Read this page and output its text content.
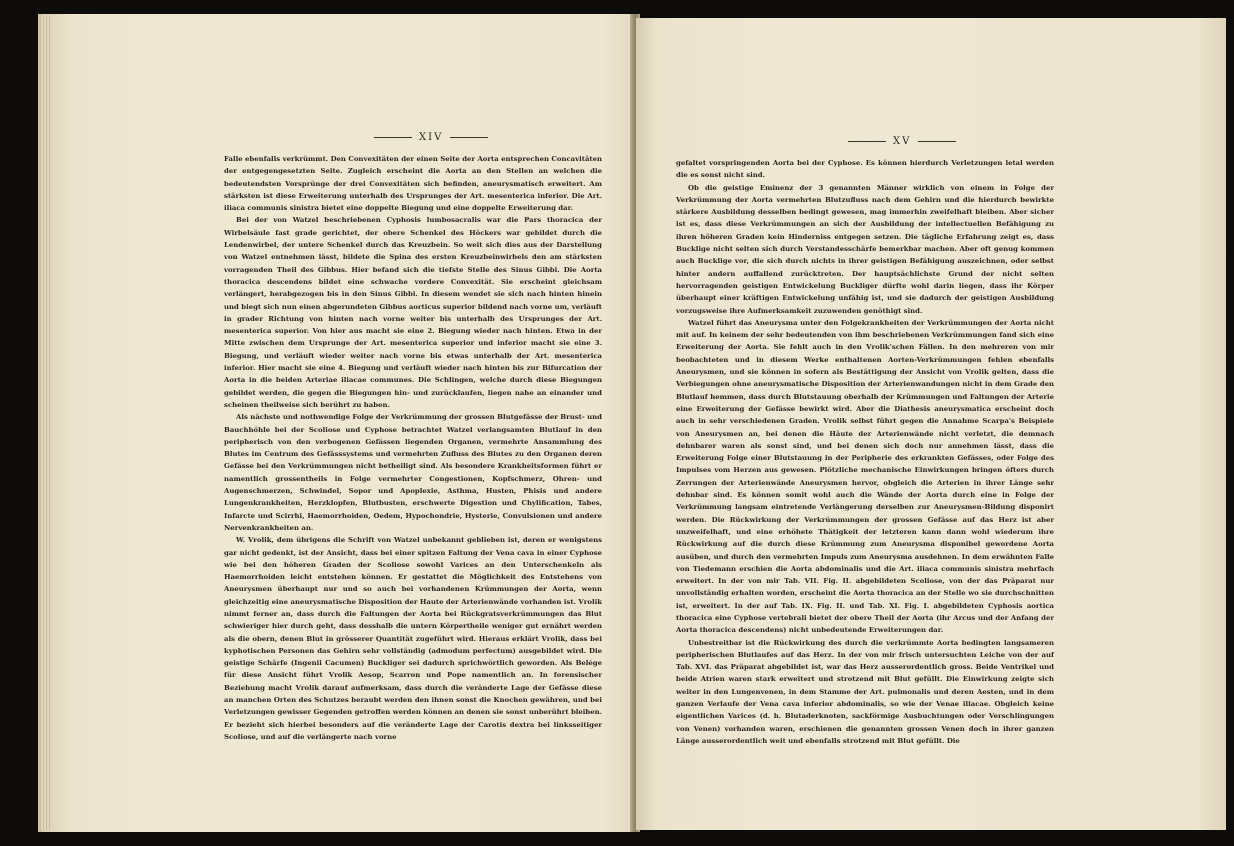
XIV

Falle ebenfalls verkrümmt. Den Convexitäten der einen Seite der Aorta entsprechen Concavitäten der entgegengesetzten Seite. Zugleich erscheint die Aorta an den Stellen an welchen die bedeutendsten Vorsprünge der drei Convexitäten sich befinden, aneurysmatisch erweitert. Am stärksten ist diese Erweiterung unterhalb des Ursprunges der Art. mesenterica inferior. Die Art. iliaca communis sinistra bietet eine doppelte Biegung und eine doppelte Erweiterung dar.

Bei der von Watzel beschriebenen Cyphosis lumbosacralis war die Pars thoracica der Wirbelsäule fast grade gerichtet, der obere Schenkel des Höckers war gebildet durch die Lendenwirbel, der untere Schenkel durch das Kreuzbein. So weit sich dies aus der Darstellung von Watzel entnehmen lässt, bildete die Spina des ersten Kreuzbeinwirbels den am stärksten vorragenden Theil des Gibbus. Hier befand sich die tiefste Stelle des Sinus Gibbi. Die Aorta thoracica descendens bildet eine schwache vordere Convexität. Sie erscheint gleichsam verlängert, herabgezogen bis in den Sinus Gibbi. In diesem wendet sie sich nach hinten hinein und biegt sich nun einen abgerundeten Gibbus aorticus superior bildend nach vorne um, verläuft in grader Richtung von hinten nach vorne weiter bis unterhalb des Ursprunges der Art. mesenterica superior. Von hier aus macht sie eine 2. Biegung wieder nach hinten. Etwa in der Mitte zwischen dem Ursprunge der Art. mesenterica superior und inferior macht sie eine 3. Biegung, und verläuft wieder weiter nach vorne bis etwas unterhalb der Art. mesenterica inferior. Hier macht sie eine 4. Biegung und verläuft wieder nach hinten bis zur Bifurcation der Aorta in die beiden Arteriae iliacae communes. Die Schlingen, welche durch diese Biegungen gebildet werden, die gegen die Biegungen hin- und zurücklaufen, liegen nahe an einander und scheinen theilweise sich berührt zu haben.

Als nächste und nothwendige Folge der Verkrümmung der grossen Blutgefässe der Brust- und Bauchhöhle bei der Scoliose und Cyphose betrachtet Watzel verlangsamten Blutlauf in den peripherisch von den verbogenen Gefässen liegenden Organen, vermehrte Ansammlung des Blutes im Centrum des Gefässsystems und vermehrten Zufluss des Blutes zu den Organen deren Gefässe bei den Verkrümmungen nicht betheiligt sind. Als besondere Krankheitsformen führt er namentlich grossentheils in Folge vermehrter Congestionen, Kopfschmerz, Ohren- und Augenschmerzen, Schwindel, Sopor und Apoplexie, Asthma, Husten, Phisis und andere Lungenkrankheiten, Herzklopfen, Blutbusten, erschwerte Digestion und Chylification, Tabes, Infarcte und Scirrhi, Haemorrhoiden, Oedem, Hypochondrie, Hysterie, Convulsionen und andere Nervenkrankheiten an.

W. Vrolik, dem übrigens die Schrift von Watzel unbekannt geblieben ist, deren er wenigstens gar nicht gedenkt, ist der Ansicht, dass bei einer spitzen Faltung der Vena cava in einer Cyphose wie bei den höheren Graden der Scoliose sowohl Varices an den Unterschenkeln als Haemorrhoiden leicht entstehen können. Er gestattet die Möglichkeit des Entstehens von Aneurysmen überhaupt nur und so auch bei vorhandenen Krümmungen der Aorta, wenn gleichzeitig eine aneurysmatische Disposition der Haute der Arterienwände vorhanden ist. Vrolik nimmt ferner an, dass durch die Faltungen der Aorta bei Rückgratsverkrümmungen das Blut schwieriger hier durch geht, dass desshalb die untern Körpertheile weniger gut ernährt werden als die obern, denen Blut in grösserer Quantität zugeführt wird. Hieraus erklärt Vrolik, dass bei kyphotischen Personen das Gehirn sehr vollständig (admodum perfectum) ausgebildet wird. Die geistige Schärfe (Ingenii Cacumen) Buckliger sei dadurch sprichwörtlich geworden. Als Belége für diese Ansicht führt Vrolik Aesop, Scarron und Pope namentlich an. In forensischer Beziehung macht Vrolik darauf aufmerksam, dass durch die veränderte Lage der Gefässe diese an manchen Orten des Schutzes beraubt werden den ihnen sonst die Knochen gewähren, und bei Verletzungen gewisser Gegenden getroffen werden können an denen sie sonst unberührt bleiben. Er bezieht sich hierbei besonders auf die veränderte Lage der Carotis dextra bei linksseitiger Scoliose, und auf die verlängerte nach vorne

XV

gefaltet vorspringenden Aorta bei der Cyphose. Es können hierdurch Verletzungen letal werden die es sonst nicht sind.

Ob die geistige Eminenz der 3 genannten Männer wirklich von einem in Folge der Verkrümmung der Aorta vermehrten Blutzufluss nach dem Gehirn und die hierdurch bewirkte stärkere Ausbildung desselben bedingt gewesen, mag immerhin zweifelhaft bleiben. Aber sicher ist es, dass diese Verkrümmungen an sich der Ausbildung der intellectuellen Befähigung zu ihren höheren Graden kein Hinderniss entgegen setzen. Die tägliche Erfahrung zeigt es, dass Bucklige nicht selten sich durch Verstandesschärfe bemerkbar machen. Aber oft genug kommen auch Bucklige vor, die sich durch nichts in ihrer geistigen Befähigung auszeichnen, oder selbst hinter andern auffallend zurücktreten. Der hauptsächlichste Grund der nicht selten hervorragenden geistigen Entwickelung Buckliger dürfte wohl darin liegen, dass ihr Körper überhaupt einer kräftigen Entwickelung unfähig ist, und sie dadurch der geistigen Ausbildung vorzugsweise ihre Aufmerksamkeit zuzuwenden genöthigt sind.

Watzel führt das Aneurysma unter den Folgekrankheiten der Verkrümmungen der Aorta nicht mit auf. In keinem der sehr bedeutenden von ihm beschriebenen Verkrümmungen fand sich eine Erweiterung der Aorta. Sie fehlt auch in den Vrolik'schen Fällen. In den mehreren von mir beobachteten und in diesem Werke enthaltenen Aorten-Verkrümmungen fehlen ebenfalls Aneurysmen, und sie können in sofern als Bestättigung der Ansicht von Vrolik gelten, dass die Verbiegungen ohne aneurysmatische Disposition der Arterienwandungen nicht in dem Grade den Blutlauf hemmen, dass durch Blutstauung oberhalb der Krümmungen und Faltungen der Arterie eine Erweiterung der Gefässe bewirkt wird. Aber die Diathesis aneurysmatica erscheint doch auch in sehr verschiedenen Graden. Vrolik selbst führt gegen die Annahme Scarpa's Beispiele von Aneurysmen an, bei denen die Häute der Arterienwände nicht verletzt, die demnach dehnbarer waren als sonst sind, und bei denen sich doch nur annehmen lässt, dass die Erweiterung Folge einer Blutstauung in der Peripherie des erkrankten Gefässes, oder Folge des Impulses vom Herzen aus gewesen. Plötzliche mechanische Einwirkungen bringen öfters durch Zerrungen der Arterienwände Aneurysmen hervor, obgleich die Arterien in ihrer Länge sehr dehnbar sind. Es können somit wohl auch die Wände der Aorta durch eine in Folge der Verkrümmung langsam eintretende Verlängerung derselben zur Aneurysmen-Bildung disponirt werden. Die Rückwirkung der Verkrümmungen der grossen Gefässe auf das Herz ist aber unzweifelhaft, und eine erhöhete Thätigkeit der letzteren kann dann wohl wiederum ihre Rückwirkung auf die durch diese Krümmung zum Aneurysma disponibel gewordene Aorta ausüben, und durch den vermehrten Impuls zum Aneurysma ausdehnen. In dem erwähnten Falle von Tiedemann erschien die Aorta abdominalis und die Art. iliaca communis sinistra mehrfach erweitert. In der von mir Tab. VII. Fig. II. abgebildeten Scoliose, von der das Präparat nur unvollständig erhalten worden, erscheint die Aorta thoracica an der Stelle wo sie durchschnitten ist, erweitert. In der auf Tab. IX. Fig. II. und Tab. XI. Fig. I. abgebildeten Cyphosis aortica thoracica eine Cyphose vertebrali bietet der obere Theil der Aorta (ihr Arcus und der Anfang der Aorta thoracica descendens) nicht unbedeutende Erweiterungen dar.

Unbestreitbar ist die Rückwirkung des durch die verkrümmte Aorta bedingten langsameren peripherischen Blutlaufes auf das Herz. In der von mir frisch untersuchten Leiche von der auf Tab. XVI. das Präparat abgebildet ist, war das Herz ausserordentlich gross. Beide Ventrikel und beide Atrien waren stark erweitert und strotzend mit Blut gefüllt. Die Einwirkung zeigte sich weiter in den Lungenvenen, in dem Stamme der Art. pulmonalis und deren Aesten, und in dem ganzen Verlaufe der Vena cava inferior abdominalis, so wie der Venae iliacae. Obgleich keine eigentlichen Varices (d. h. Blutaderknoten, sackförmige Ausbuchtungen oder Verschlingungen von Venen) vorhanden waren, erschienen die genannten grossen Venen doch in ihrer ganzen Länge ausserordentlich weit und ebenfalls strotzend mit Blut gefüllt. Die
